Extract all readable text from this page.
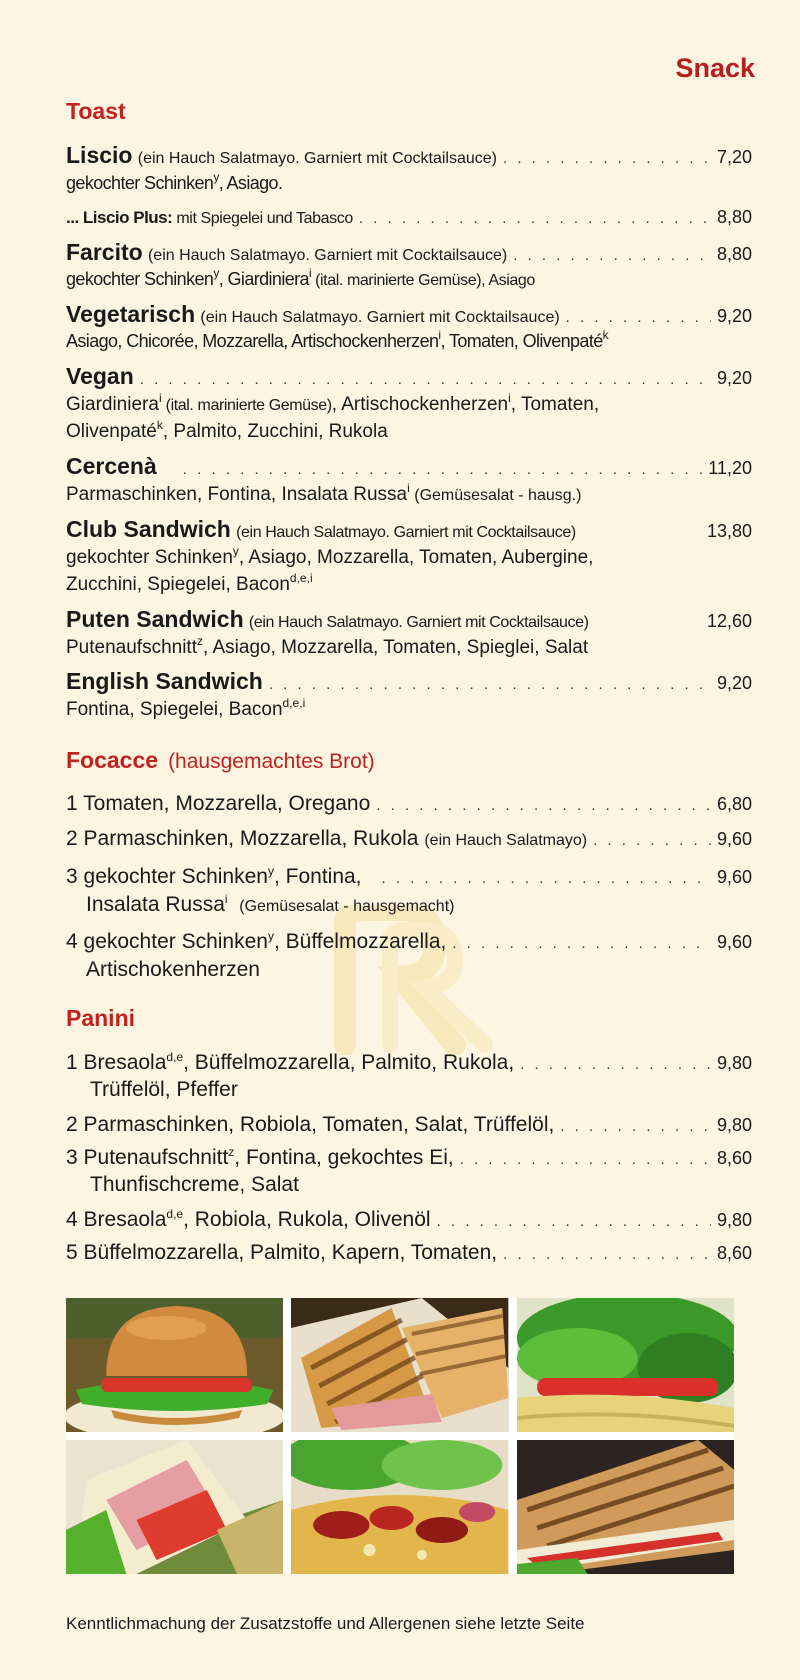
Snack
Toast
Liscio (ein Hauch Salatmayo. Garniert mit Cocktailsauce) . . .	7,20
gekochter Schinken$^y$, Asiago.
... Liscio Plus: mit Spiegelei und Tabasco . . .	8,80
Farcito (ein Hauch Salatmayo. Garniert mit Cocktailsauce) . . .	8,80
gekochter Schinken$^y$, Giardiniera$^i$ (ital. marinierte Gemüse), Asiago
Vegetarisch (ein Hauch Salatmayo. Garniert mit Cocktailsauce) . . .	9,20
Asiago, Chicorée, Mozzarella, Artischockenherzen$^i$, Tomaten, Olivenpaté$^k$
Vegan . . .	9,20
Giardiniera$^i$ (ital. marinierte Gemüse), Artischockenherzen$^i$, Tomaten,
Olivenpaté$^k$, Palmito, Zucchini, Rukola
Cercenà . . .	11,20
Parmaschinken, Fontina, Insalata Russa$^i$ (Gemüsesalat - hausg.)
Club Sandwich (ein Hauch Salatmayo. Garniert mit Cocktailsauce)	13,80
gekochter Schinken$^y$, Asiago, Mozzarella, Tomaten, Aubergine,
Zucchini, Spiegelei, Bacon$^{d,e,i}$
Puten Sandwich (ein Hauch Salatmayo. Garniert mit Cocktailsauce)	12,60
Putenaufschnitt$^z$, Asiago, Mozzarella, Tomaten, Spieglei, Salat
English Sandwich . . .	9,20
Fontina, Spiegelei, Bacon$^{d,e,i}$
Focacce (hausgemachtes Brot)
1 Tomaten, Mozzarella, Oregano . . .	6,80
2 Parmaschinken, Mozzarella, Rukola (ein Hauch Salatmayo) . . .	9,60
3 gekochter Schinken$^y$, Fontina, . . .	9,60
Insalata Russa$^i$ (Gemüsesalat - hausgemacht)
4 gekochter Schinken$^y$, Büffelmozzarella, . . .	9,60
Artischokenherzen
Panini
1 Bresaola$^{d,e}$, Büffelmozzarella, Palmito, Rukola, . . .	9,80
Trüffelöl, Pfeffer
2 Parmaschinken, Robiola, Tomaten, Salat, Trüffelöl, . . .	9,80
3 Putenaufschnitt$^z$, Fontina, gekochtes Ei, . . .	8,60
Thunfischcreme, Salat
4 Bresaola$^{d,e}$, Robiola, Rukola, Olivenöl . . .	9,80
5 Büffelmozzarella, Palmito, Kapern, Tomaten, . . .	8,60
Kenntlichmachung der Zusatzstoffe und Allergenen siehe letzte Seite
